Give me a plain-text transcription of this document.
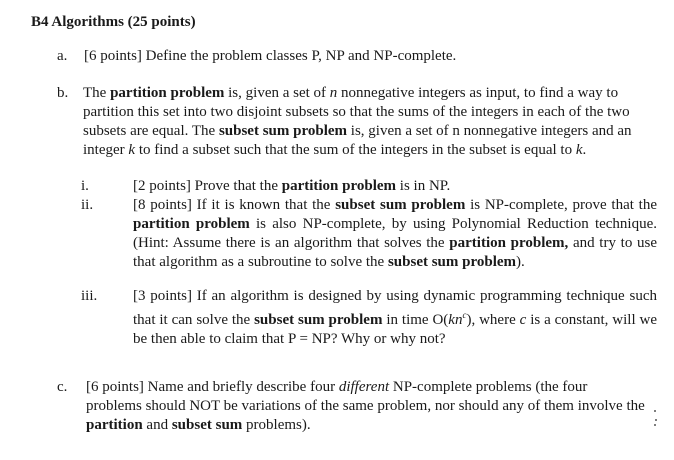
B4 Algorithms (25 points)
a. [6 points] Define the problem classes P, NP and NP-complete.
b. The partition problem is, given a set of n nonnegative integers as input, to find a way to partition this set into two disjoint subsets so that the sums of the integers in each of the two subsets are equal. The subset sum problem is, given a set of n nonnegative integers and an integer k to find a subset such that the sum of the integers in the subset is equal to k.
i.	[2 points] Prove that the partition problem is in NP.
ii.	[8 points] If it is known that the subset sum problem is NP-complete, prove that the partition problem is also NP-complete, by using Polynomial Reduction technique. (Hint: Assume there is an algorithm that solves the partition problem, and try to use that algorithm as a subroutine to solve the subset sum problem).
iii. [3 points] If an algorithm is designed by using dynamic programming technique such that it can solve the subset sum problem in time $O(kn^c)$, where c is a constant, will we be then able to claim that P = NP? Why or why not?
c. [6 points] Name and briefly describe four different NP-complete problems (the four problems should NOT be variations of the same problem, nor should any of them involve the partition and subset sum problems).
